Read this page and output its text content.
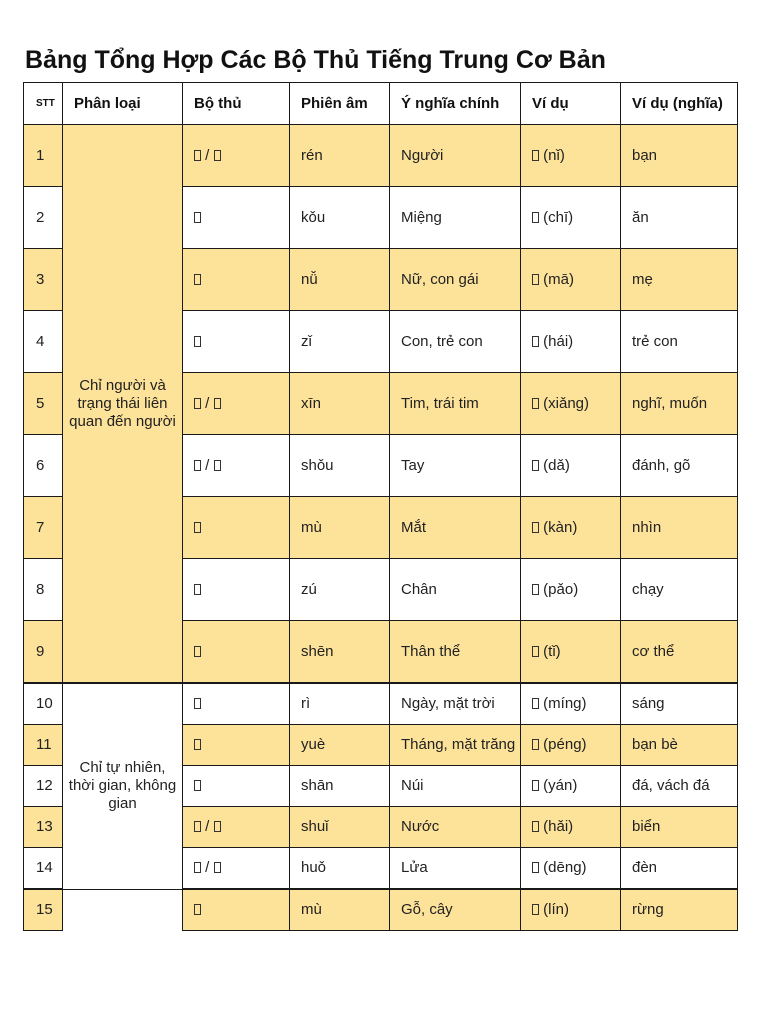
Bảng Tổng Hợp Các Bộ Thủ Tiếng Trung Cơ Bản
STT	Phân loại	Bộ thủ	Phiên âm	Ý nghĩa chính	Ví dụ	Ví dụ (nghĩa)
1	Chỉ người và trạng thái liên quan đến người	/	rén	Người	(nǐ)	bạn
2			kǒu	Miệng	(chī)	ăn
3			nǚ	Nữ, con gái	(mā)	mẹ
4			zǐ	Con, trẻ con	(hái)	trẻ con
5		/	xīn	Tim, trái tim	(xiǎng)	nghĩ, muốn
6		/	shǒu	Tay	(dǎ)	đánh, gõ
7			mù	Mắt	(kàn)	nhìn
8			zú	Chân	(pǎo)	chạy
9			shēn	Thân thể	(tǐ)	cơ thể
10	Chỉ tự nhiên, thời gian, không gian		rì	Ngày, mặt trời	(míng)	sáng
11			yuè	Tháng, mặt trăng	(péng)	bạn bè
12			shān	Núi	(yán)	đá, vách đá
13		/	shuǐ	Nước	(hǎi)	biển
14		/	huǒ	Lửa	(dēng)	đèn
15			mù	Gỗ, cây	(lín)	rừng
